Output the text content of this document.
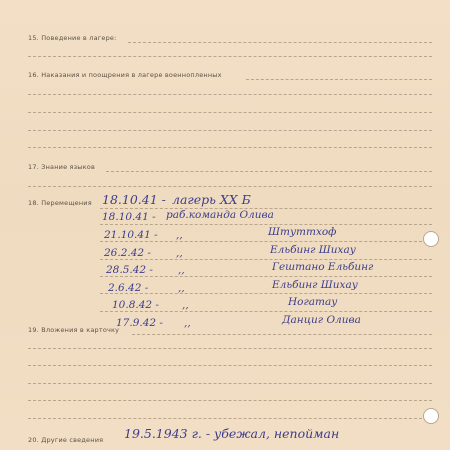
15. Поведение в лагере:
16. Наказания и поощрения в лагере военнопленных
17. Знание языков
18. Перемещения 18.10.41 - лагерь XX Б
18.10.41 - раб.команда Олива
21.10.41 - ,,	Штуттхоф
26.2.42 - ,,	Ельбинг Шихау
28.5.42 - ,,	Гештано Ельбинг
2.6.42 -	,,	Ельбинг Шихау
10.8.42 - ,,	Ногатау
17.9.42 - ,,	Данциг Олива
19. Вложения в карточку
20. Другие сведения 19.5.1943 г. - убежал, непойман
